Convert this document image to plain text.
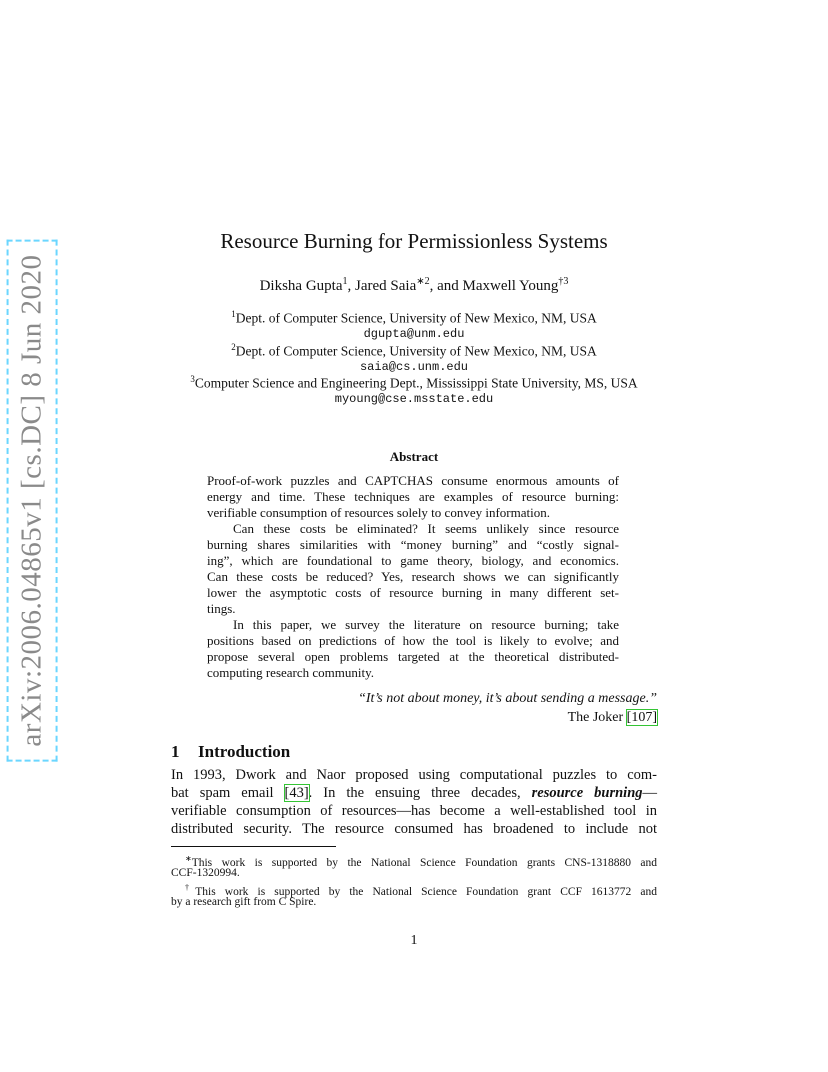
arXiv:2006.04865v1 [cs.DC] 8 Jun 2020
Resource Burning for Permissionless Systems
Diksha Gupta$^1$, Jared Saia$^{∗2}$, and Maxwell Young$^{\dagger 3}$
$^1$Dept. of Computer Science, University of New Mexico, NM, USA
dgupta@unm.edu
$^2$Dept. of Computer Science, University of New Mexico, NM, USA
saia@cs.unm.edu
$^3$Computer Science and Engineering Dept., Mississippi State University, MS, USA
myoung@cse.msstate.edu
Abstract
Proof-of-work puzzles and CAPTCHAS consume enormous amounts of
energy and time. These techniques are examples of resource burning:
verifiable consumption of resources solely to convey information.
Can these costs be eliminated? It seems unlikely since resource
burning shares similarities with “money burning” and “costly signal-
ing”, which are foundational to game theory, biology, and economics.
Can these costs be reduced? Yes, research shows we can significantly
lower the asymptotic costs of resource burning in many different set-
tings.
In this paper, we survey the literature on resource burning; take
positions based on predictions of how the tool is likely to evolve; and
propose several open problems targeted at the theoretical distributed-
computing research community.
“It’s not about money, it’s about sending a message.”
The Joker [107]
1 Introduction
In 1993, Dwork and Naor proposed using computational puzzles to com-
bat spam email [43]. In the ensuing three decades, resource burning—
verifiable consumption of resources—has become a well-established tool in
distributed security. The resource consumed has broadened to include not
∗This work is supported by the National Science Foundation grants CNS-1318880 and
CCF-1320994.
†This work is supported by the National Science Foundation grant CCF 1613772 and
by a research gift from C Spire.
1
